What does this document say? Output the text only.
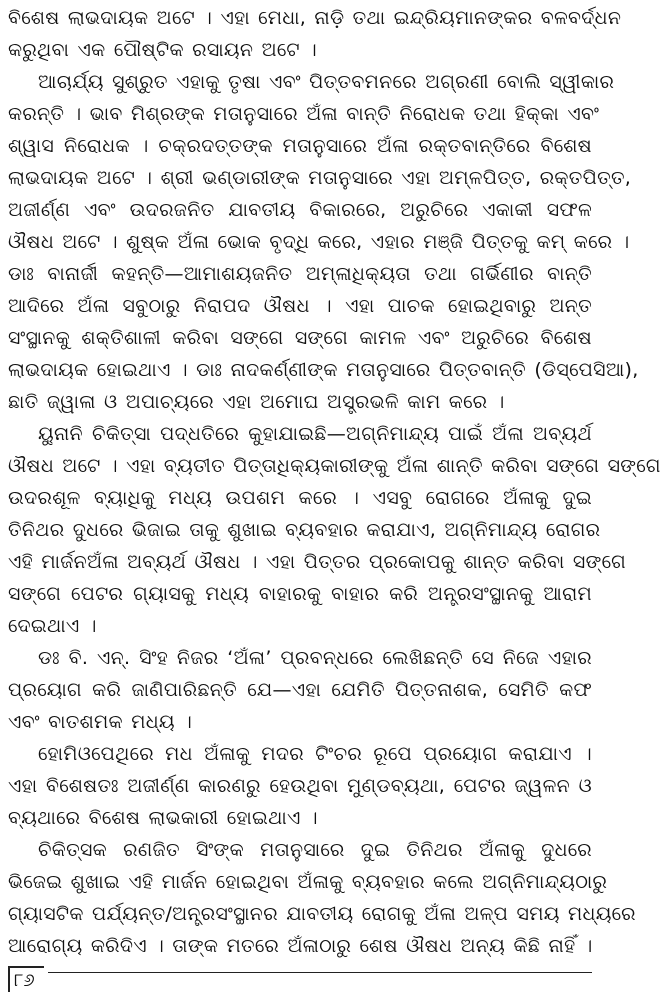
ବିଶେଷ ଲାଭଦାୟକ ଅଟେ । ଏହା ମେଧା, ନାଡ଼ି ତଥା ଇନ୍ଦ୍ରିୟମାନଙ୍କର ବଳବର୍ଦ୍ଧନ
କରୁଥିବା ଏକ ପୌଷ୍ଟିକ ରସାୟନ ଅଟେ ।
ଆଚାର୍ଯ୍ୟ ସୁଶ୍ରୁତ ଏହାକୁ ତୃଷା ଏବଂ ପିତ୍ତବମନରେ ଅଗ୍ରଣୀ ବୋଲି ସ୍ୱୀକାର
କରନ୍ତି । ଭାବ ମିଶ୍ରଙ୍କ ମତାନୁସାରେ ଅଁଳା ବାନ୍ତି ନିରୋଧକ ତଥା ହିକ୍କା ଏବଂ
ଶ୍ୱାସ ନିରୋଧକ । ଚକ୍ରଦତ୍ତଙ୍କ ମତାନୁସାରେ ଅଁଳା ରକ୍ତବାନ୍ତିରେ ବିଶେଷ
ଲାଭଦାୟକ ଅଟେ । ଶ୍ରୀ ଭଣ୍ଡାରୀଙ୍କ ମତାନୁସାରେ ଏହା ଅମ୍ଳପିତ୍ତ, ରକ୍ତପିତ୍ତ,
ଅଜୀର୍ଣ୍ଣ ଏବଂ ଉଦରଜନିତ ଯାବତୀୟ ବିକାରରେ, ଅରୁଚିରେ ଏକାକୀ ସଫଳ
ଔଷଧ ଅଟେ । ଶୁଷ୍କ ଅଁଳା ଭୋକ ବୃଦ୍ଧି କରେ, ଏହାର ମଞ୍ଜି ପିତ୍ତକୁ କମ୍ କରେ ।
ଡାଃ ବାନାର୍ଜୀ କହନ୍ତି—ଆମାଶୟଜନିତ ଅମ୍ଳାଧିକ୍ୟତା ତଥା ଗର୍ଭିଣୀର ବାନ୍ତି
ଆଦିରେ ଅଁଳା ସବୁଠାରୁ ନିରାପଦ ଔଷଧ । ଏହା ପାଚକ ହୋଇଥିବାରୁ ଅନ୍ତ
ସଂସ୍ଥାନକୁ ଶକ୍ତିଶାଳୀ କରିବା ସଙ୍ଗେ ସଙ୍ଗେ କାମଳ ଏବଂ ଅରୁଚିରେ ବିଶେଷ
ଲାଭଦାୟକ ହୋଇଥାଏ । ଡାଃ ନାଦକର୍ଣ୍ଣୀଙ୍କ ମତାନୁସାରେ ପିତ୍ତବାନ୍ତି (ଡିସ୍‌ପେସିଆ),
ଛାତି ଜ୍ୱାଳା ଓ ଅପାଚ୍ୟରେ ଏହା ଅମୋଘ ଅସ୍ତ୍ରଭଳି କାମ କରେ ।
ୟୁନାନି ଚିକିତ୍ସା ପଦ୍ଧତିରେ କୁହାଯାଇଛି—ଅଗ୍ନିମାନ୍ଦ୍ୟ ପାଇଁ ଅଁଳା ଅବ୍ୟର୍ଥ
ଔଷଧ ଅଟେ । ଏହା ବ୍ୟତୀତ ପିତ୍ତାଧିକ୍ୟକାରୀଙ୍କୁ ଅଁଳା ଶାନ୍ତି କରିବା ସଙ୍ଗେ ସଙ୍ଗେ
ଉଦରଶୂଳ ବ୍ୟାଧିକୁ ମଧ୍ୟ ଉପଶମ କରେ । ଏସବୁ ରୋଗରେ ଅଁଳାକୁ ଦୁଇ
ତିନିଥର ଦୁଧରେ ଭିଜାଇ ତାକୁ ଶୁଖାଇ ବ୍ୟବହାର କରାଯାଏ, ଅଗ୍ନିମାନ୍ଦ୍ୟ ରୋଗର
ଏହି ମାର୍ଜନଅଁଳା ଅବ୍ୟର୍ଥ ଔଷଧ । ଏହା ପିତ୍ତର ପ୍ରକୋପକୁ ଶାନ୍ତ କରିବା ସଙ୍ଗେ
ସଙ୍ଗେ ପେଟର ଗ୍ୟାସକୁ ମଧ୍ୟ ବାହାରକୁ ବାହାର କରି ଅନ୍ତ୍ରସଂସ୍ଥାନକୁ ଆରାମ
ଦେଇଥାଏ ।
ଡଃ ବି. ଏନ୍. ସିଂହ ନିଜର ‘ଅଁଳା’ ପ୍ରବନ୍ଧରେ ଲେଖିଛନ୍ତି ସେ ନିଜେ ଏହାର
ପ୍ରୟୋଗ କରି ଜାଣିପାରିଛନ୍ତି ଯେ—ଏହା ଯେମିତି ପିତ୍ତନାଶକ, ସେମିତି କଫ
ଏବଂ ବାତଶମକ ମଧ୍ୟ ।
ହୋମିଓପେଥିରେ ମଧ ଅଁଳାକୁ ମଦର ଟିଂଚର ରୂପେ ପ୍ରୟୋଗ କରାଯାଏ ।
ଏହା ବିଶେଷତଃ ଅଜୀର୍ଣ୍ଣ କାରଣରୁ ହେଉଥିବା ମୁଣ୍ଡବ୍ୟଥା, ପେଟର ଜ୍ୱଳନ ଓ
ବ୍ୟଥାରେ ବିଶେଷ ଲାଭକାରୀ ହୋଇଥାଏ ।
ଚିକିତ୍ସକ ରଣଜିତ ସିଂଙ୍କ ମତାନୁସାରେ ଦୁଇ ତିନିଥର ଅଁଳାକୁ ଦୁଧରେ
ଭିଜେଇ ଶୁଖାଇ ଏହି ମାର୍ଜନ ହୋଇଥିବା ଅଁଳାକୁ ବ୍ୟବହାର କଲେ ଅଗ୍ନିମାନ୍ଦ୍ୟଠାରୁ
ଗ୍ୟାସଟିକ ପର୍ଯ୍ୟନ୍ତ/ଅନ୍ତ୍ରସଂସ୍ଥାନର ଯାବତୀୟ ରୋଗକୁ ଅଁଳା ଅଳ୍ପ ସମୟ ମଧ୍ୟରେ
ଆରୋଗ୍ୟ କରିଦିଏ । ତାଙ୍କ ମତରେ ଅଁଳାଠାରୁ ଶେଷ ଔଷଧ ଅନ୍ୟ କିଛି ନାହିଁ ।
୮୬
